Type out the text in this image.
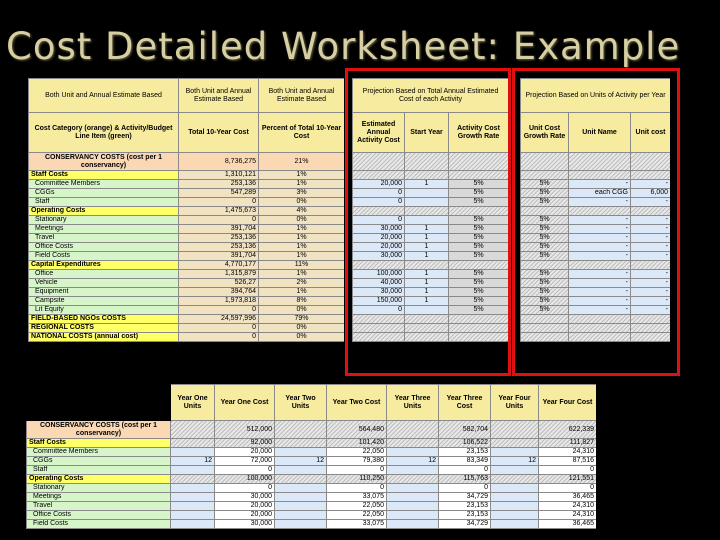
Cost Detailed Worksheet: Example
Both Unit and Annual Estimate Based	Both Unit and Annual Estimate Based	Both Unit and Annual Estimate Based
Cost Category (orange) & Activity/Budget Line Item (green)	Total 10-Year Cost	Percent of Total 10-Year Cost
CONSERVANCY COSTS (cost per 1 conservancy)	8,736,275	21%
Staff Costs	1,310,121	1%
Committee Members	253,136	1%
CGGs	547,289	3%
Staff	0	0%
Operating Costs	1,475,673	4%
Stationary	0	0%
Meetings	391,704	1%
Travel	253,136	1%
Office Costs	253,136	1%
Field Costs	391,704	1%
Capital Expenditures	4,770,177	11%
Office	1,315,879	1%
Vehicle	526,27	2%
Equipment	394,764	1%
Campsite	1,973,818	8%
Lit Equity	0	0%
FIELD-BASED NGOs COSTS	24,597,996	79%
REGIONAL COSTS	0	0%
NATIONAL COSTS (annual cost)	0	0%
Projection Based on Total Annual Estimated Cost of each Activity		
Estimated Annual Activity Cost	Start Year	Activity Cost Growth Rate

20,000	1	5%
0		5%
0		5%

0		5%
30,000	1	5%
20,000	1	5%
20,000	1	5%
30,000	1	5%

100,000	1	5%
40,000	1	5%
30,000	1	5%
150,000	1	5%
0		5%

Projection Based on Units of Activity per Year		
Unit Cost Growth Rate	Unit Name	Unit cost

5%	-	-
5%	each CGG	6,000
5%	-	-

5%	-	-
5%	-	-
5%	-	-
5%	-	-
5%	-	-

5%	-	-
5%	-	-
5%	-	-
5%	-	-
5%	-	-

	Year One Units	Year One Cost	Year Two Units	Year Two Cost	Year Three Units	Year Three Cost	Year Four Units	Year Four Cost
CONSERVANCY COSTS (cost per 1 conservancy)		512,000		564,480		582,704		622,339
Staff Costs		92,000		101,420		106,522		111,827
Committee Members		20,000		22,050		23,153		24,310
CGGs	12	72,000	12	79,380	12	83,349	12	87,516
Staff		0		0		0		0
Operating Costs		100,000		110,250		115,763		121,551
Stationary		0		0		0		0
Meetings		30,000		33,075		34,729		36,465
Travel		20,000		22,050		23,153		24,310
Office Costs		20,000		22,050		23,153		24,310
Field Costs		30,000		33,075		34,729		36,465
